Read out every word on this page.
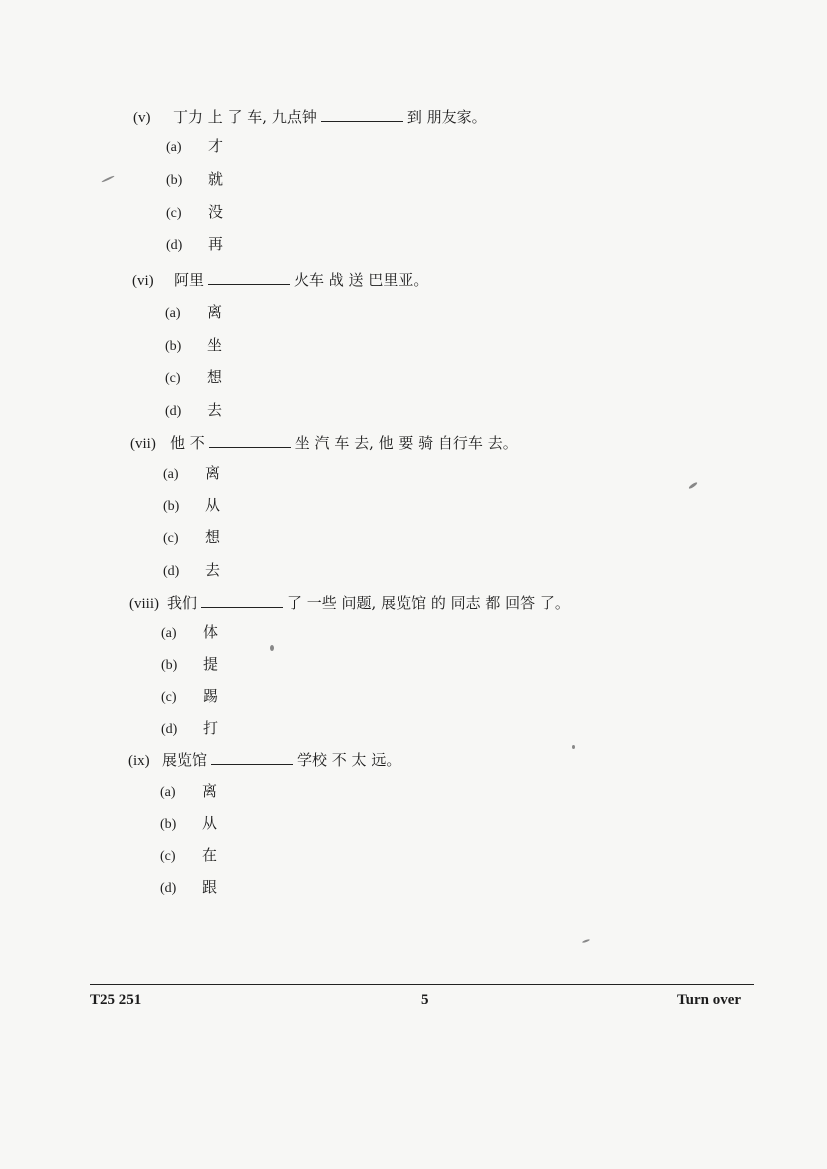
(v) 丁力 上 了 车, 九点钟	到 朋友家。
(a) 才
(b) 就
(c) 没
(d) 再
(vi) 阿里	火车 战 送 巴里亚。
(a) 离
(b) 坐
(c) 想
(d) 去
(vii) 他 不	坐 汽 车 去, 他 要 骑 自行车 去。
(a) 离
(b) 从
(c) 想
(d) 去
(viii) 我们	了 一些 问题, 展览馆 的 同志 都 回答 了。
(a) 体
(b) 提
(c) 踢
(d) 打
(ix) 展览馆	学校 不 太 远。
(a) 离
(b) 从
(c) 在
(d) 跟
T25 251	5	Turn over
